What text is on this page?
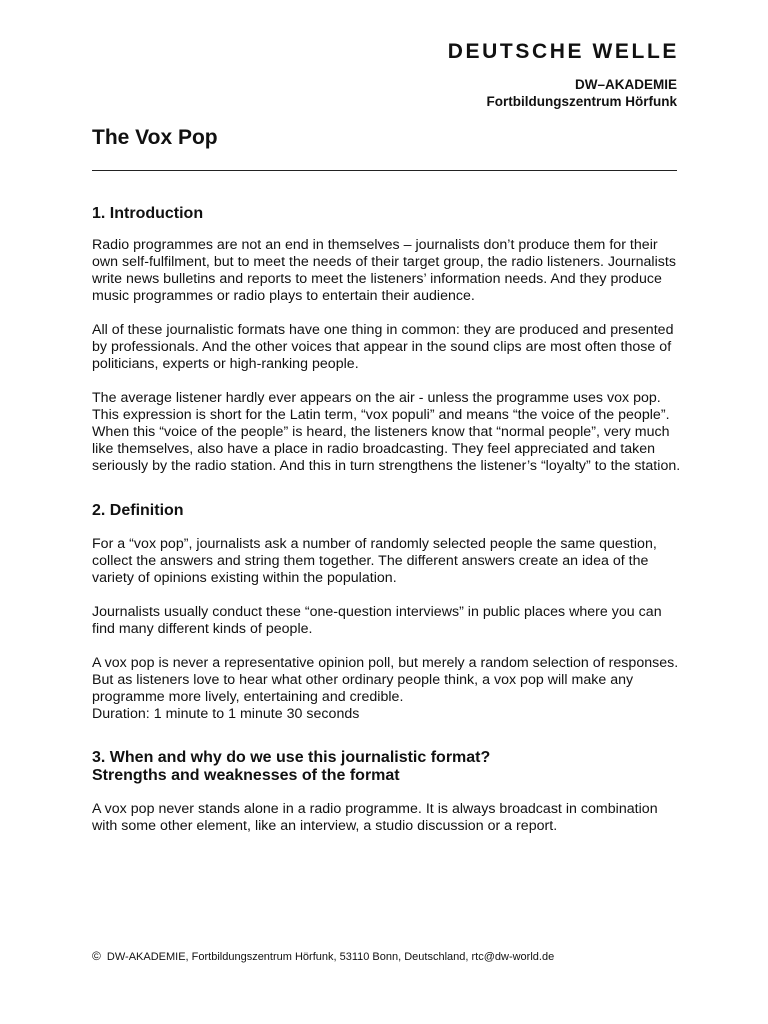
DEUTSCHE WELLE
DW–AKADEMIE
Fortbildungszentrum Hörfunk
The Vox Pop
1. Introduction

Radio programmes are not an end in themselves – journalists don’t produce them for their own self-fulfilment, but to meet the needs of their target group, the radio listeners. Journalists write news bulletins and reports to meet the listeners’ information needs. And they produce music programmes or radio plays to entertain their audience.

All of these journalistic formats have one thing in common: they are produced and presented by professionals. And the other voices that appear in the sound clips are most often those of politicians, experts or high-ranking people.

The average listener hardly ever appears on the air - unless the programme uses vox pop. This expression is short for the Latin term, “vox populi” and means “the voice of the people”. When this “voice of the people” is heard, the listeners know that “normal people”, very much like themselves, also have a place in radio broadcasting. They feel appreciated and taken seriously by the radio station. And this in turn strengthens the listener’s “loyalty” to the station.

2. Definition

For a “vox pop”, journalists ask a number of randomly selected people the same question, collect the answers and string them together. The different answers create an idea of the variety of opinions existing within the population.

Journalists usually conduct these “one-question interviews” in public places where you can find many different kinds of people.

A vox pop is never a representative opinion poll, but merely a random selection of responses. But as listeners love to hear what other ordinary people think, a vox pop will make any programme more lively, entertaining and credible.
Duration: 1 minute to 1 minute 30 seconds

3. When and why do we use this journalistic format?
Strengths and weaknesses of the format

A vox pop never stands alone in a radio programme. It is always broadcast in combination with some other element, like an interview, a studio discussion or a report.

© DW-AKADEMIE, Fortbildungszentrum Hörfunk, 53110 Bonn, Deutschland, rtc@dw-world.de
